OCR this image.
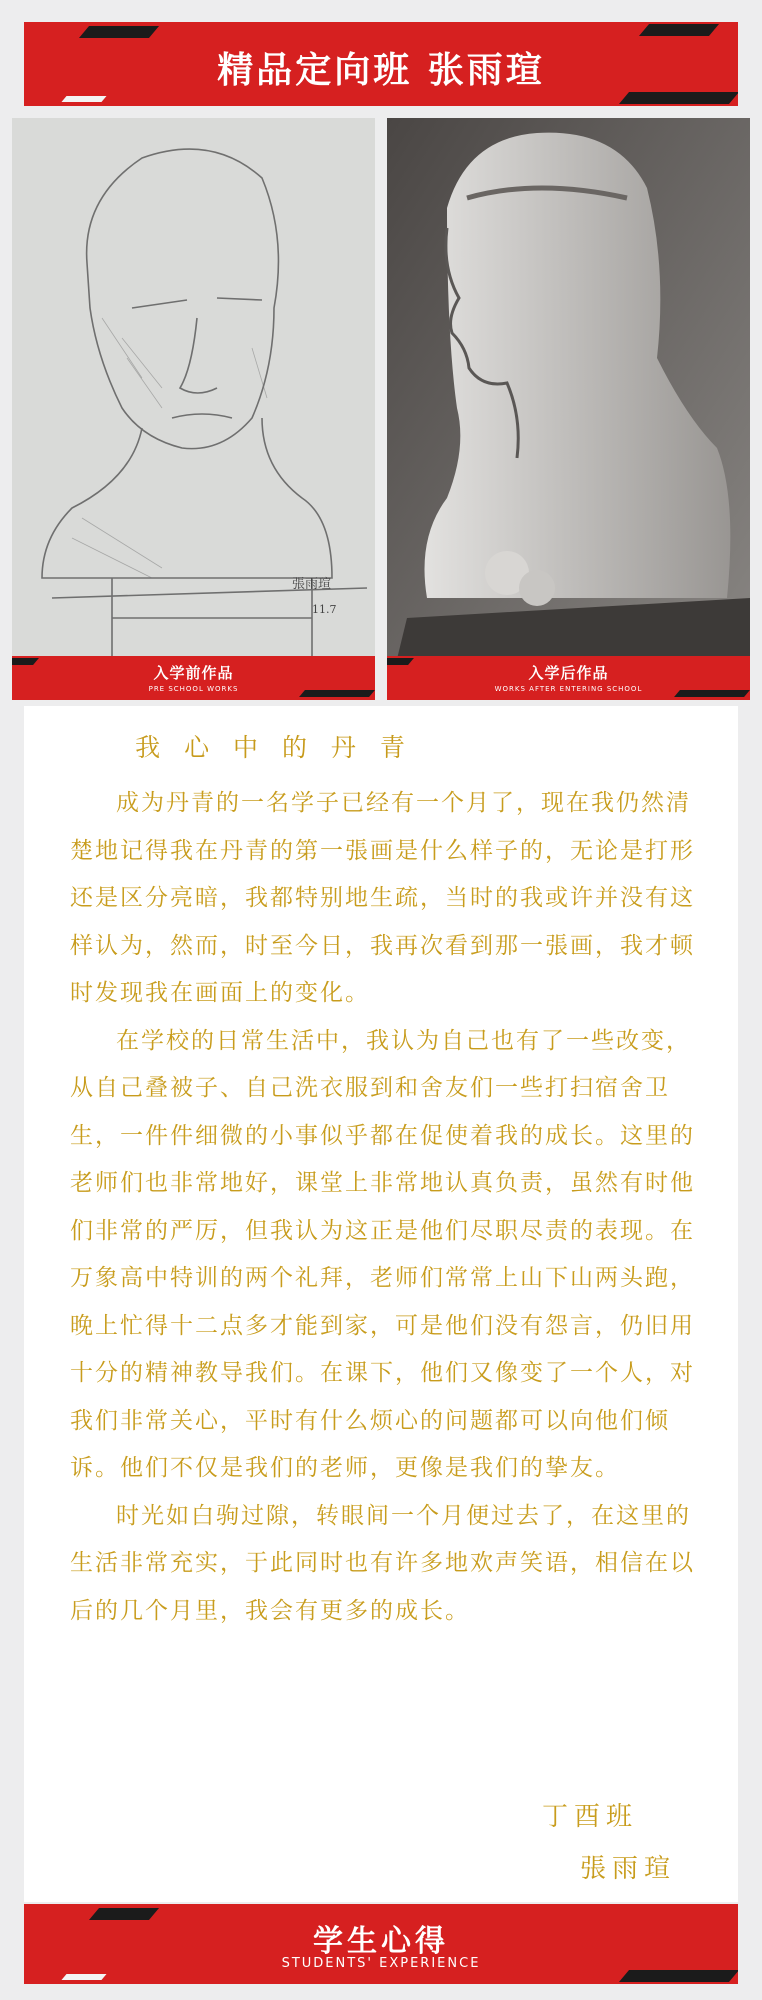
精品定向班 张雨瑄
張雨瑄
11.7
入学前作品
PRE SCHOOL WORKS
入学后作品
WORKS AFTER ENTERING SCHOOL
我 心 中 的 丹 青

成为丹青的一名学子已经有一个月了，现在我仍然清楚地记得我在丹青的第一張画是什么样子的，无论是打形还是区分亮暗，我都特别地生疏，当时的我或许并没有这样认为，然而，时至今日，我再次看到那一張画，我才顿时发现我在画面上的变化。

在学校的日常生活中，我认为自己也有了一些改变，从自己叠被子、自己洗衣服到和舍友们一些打扫宿舍卫生，一件件细微的小事似乎都在促使着我的成长。这里的老师们也非常地好，课堂上非常地认真负责，虽然有时他们非常的严厉，但我认为这正是他们尽职尽责的表现。在万象高中特训的两个礼拜，老师们常常上山下山两头跑，晚上忙得十二点多才能到家，可是他们没有怨言，仍旧用十分的精神教导我们。在课下，他们又像变了一个人，对我们非常关心，平时有什么烦心的问题都可以向他们倾诉。他们不仅是我们的老师，更像是我们的挚友。

时光如白驹过隙，转眼间一个月便过去了，在这里的生活非常充实，于此同时也有许多地欢声笑语，相信在以后的几个月里，我会有更多的成长。

丁酉班
張雨瑄
学生心得
STUDENTS' EXPERIENCE
